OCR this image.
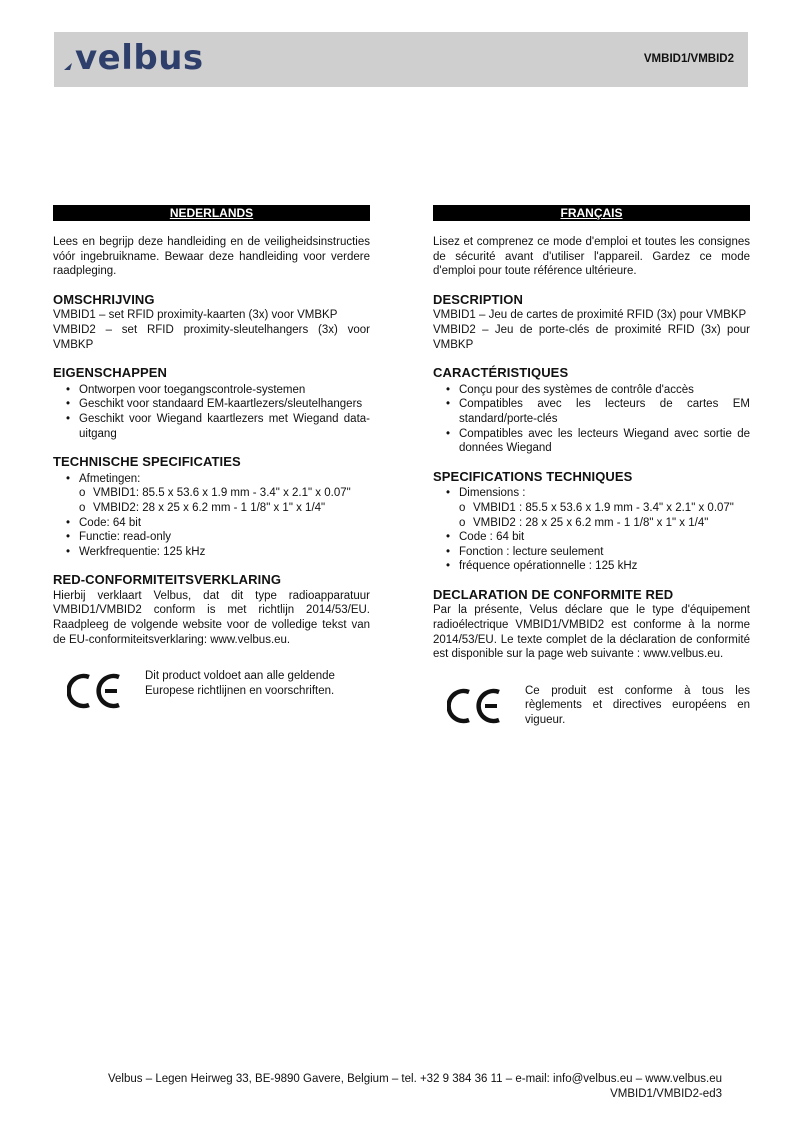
velbus	VMBID1/VMBID2
NEDERLANDS

Lees en begrijp deze handleiding en de veiligheidsinstructies vóór ingebruikname. Bewaar deze handleiding voor verdere raadpleging.

OMSCHRIJVING
VMBID1 – set RFID proximity-kaarten (3x) voor VMBKP
VMBID2 – set RFID proximity-sleutelhangers (3x) voor VMBKP
EIGENSCHAPPEN
• Ontworpen voor toegangscontrole-systemen
• Geschikt voor standaard EM-kaartlezers/sleutelhangers
• Geschikt voor Wiegand kaartlezers met Wiegand data-uitgang
TECHNISCHE SPECIFICATIES
• Afmetingen:
o VMBID1: 85.5 x 53.6 x 1.9 mm - 3.4" x 2.1" x 0.07"
o VMBID2: 28 x 25 x 6.2 mm - 1 1/8" x 1" x 1/4"
• Code: 64 bit
• Functie: read-only
• Werkfrequentie: 125 kHz
RED-CONFORMITEITSVERKLARING

Hierbij verklaart Velbus, dat dit type radioapparatuur VMBID1/VMBID2 conform is met richtlijn 2014/53/EU. Raadpleeg de volgende website voor de volledige tekst van de EU-conformiteitsverklaring: www.velbus.eu.

Dit product voldoet aan alle geldende Europese richtlijnen en voorschriften.
FRANÇAIS

Lisez et comprenez ce mode d'emploi et toutes les consignes de sécurité avant d'utiliser l'appareil. Gardez ce mode d'emploi pour toute référence ultérieure.

DESCRIPTION
VMBID1 – Jeu de cartes de proximité RFID (3x) pour VMBKP
VMBID2 – Jeu de porte-clés de proximité RFID (3x) pour VMBKP
CARACTÉRISTIQUES
• Conçu pour des systèmes de contrôle d'accès
• Compatibles avec les lecteurs de cartes EM standard/porte-clés
• Compatibles avec les lecteurs Wiegand avec sortie de données Wiegand
SPECIFICATIONS TECHNIQUES
• Dimensions :
o VMBID1 : 85.5 x 53.6 x 1.9 mm - 3.4" x 2.1" x 0.07"
o VMBID2 : 28 x 25 x 6.2 mm - 1 1/8" x 1" x 1/4"
• Code : 64 bit
• Fonction : lecture seulement
• fréquence opérationnelle : 125 kHz
DECLARATION DE CONFORMITE RED

Par la présente, Velus déclare que le type d'équipement radioélectrique VMBID1/VMBID2 est conforme à la norme 2014/53/EU. Le texte complet de la déclaration de conformité est disponible sur la page web suivante : www.velbus.eu.

Ce produit est conforme à tous les règlements et directives européens en vigueur.
Velbus – Legen Heirweg 33, BE-9890 Gavere, Belgium – tel. +32 9 384 36 11 – e-mail: info@velbus.eu – www.velbus.eu
VMBID1/VMBID2-ed3
